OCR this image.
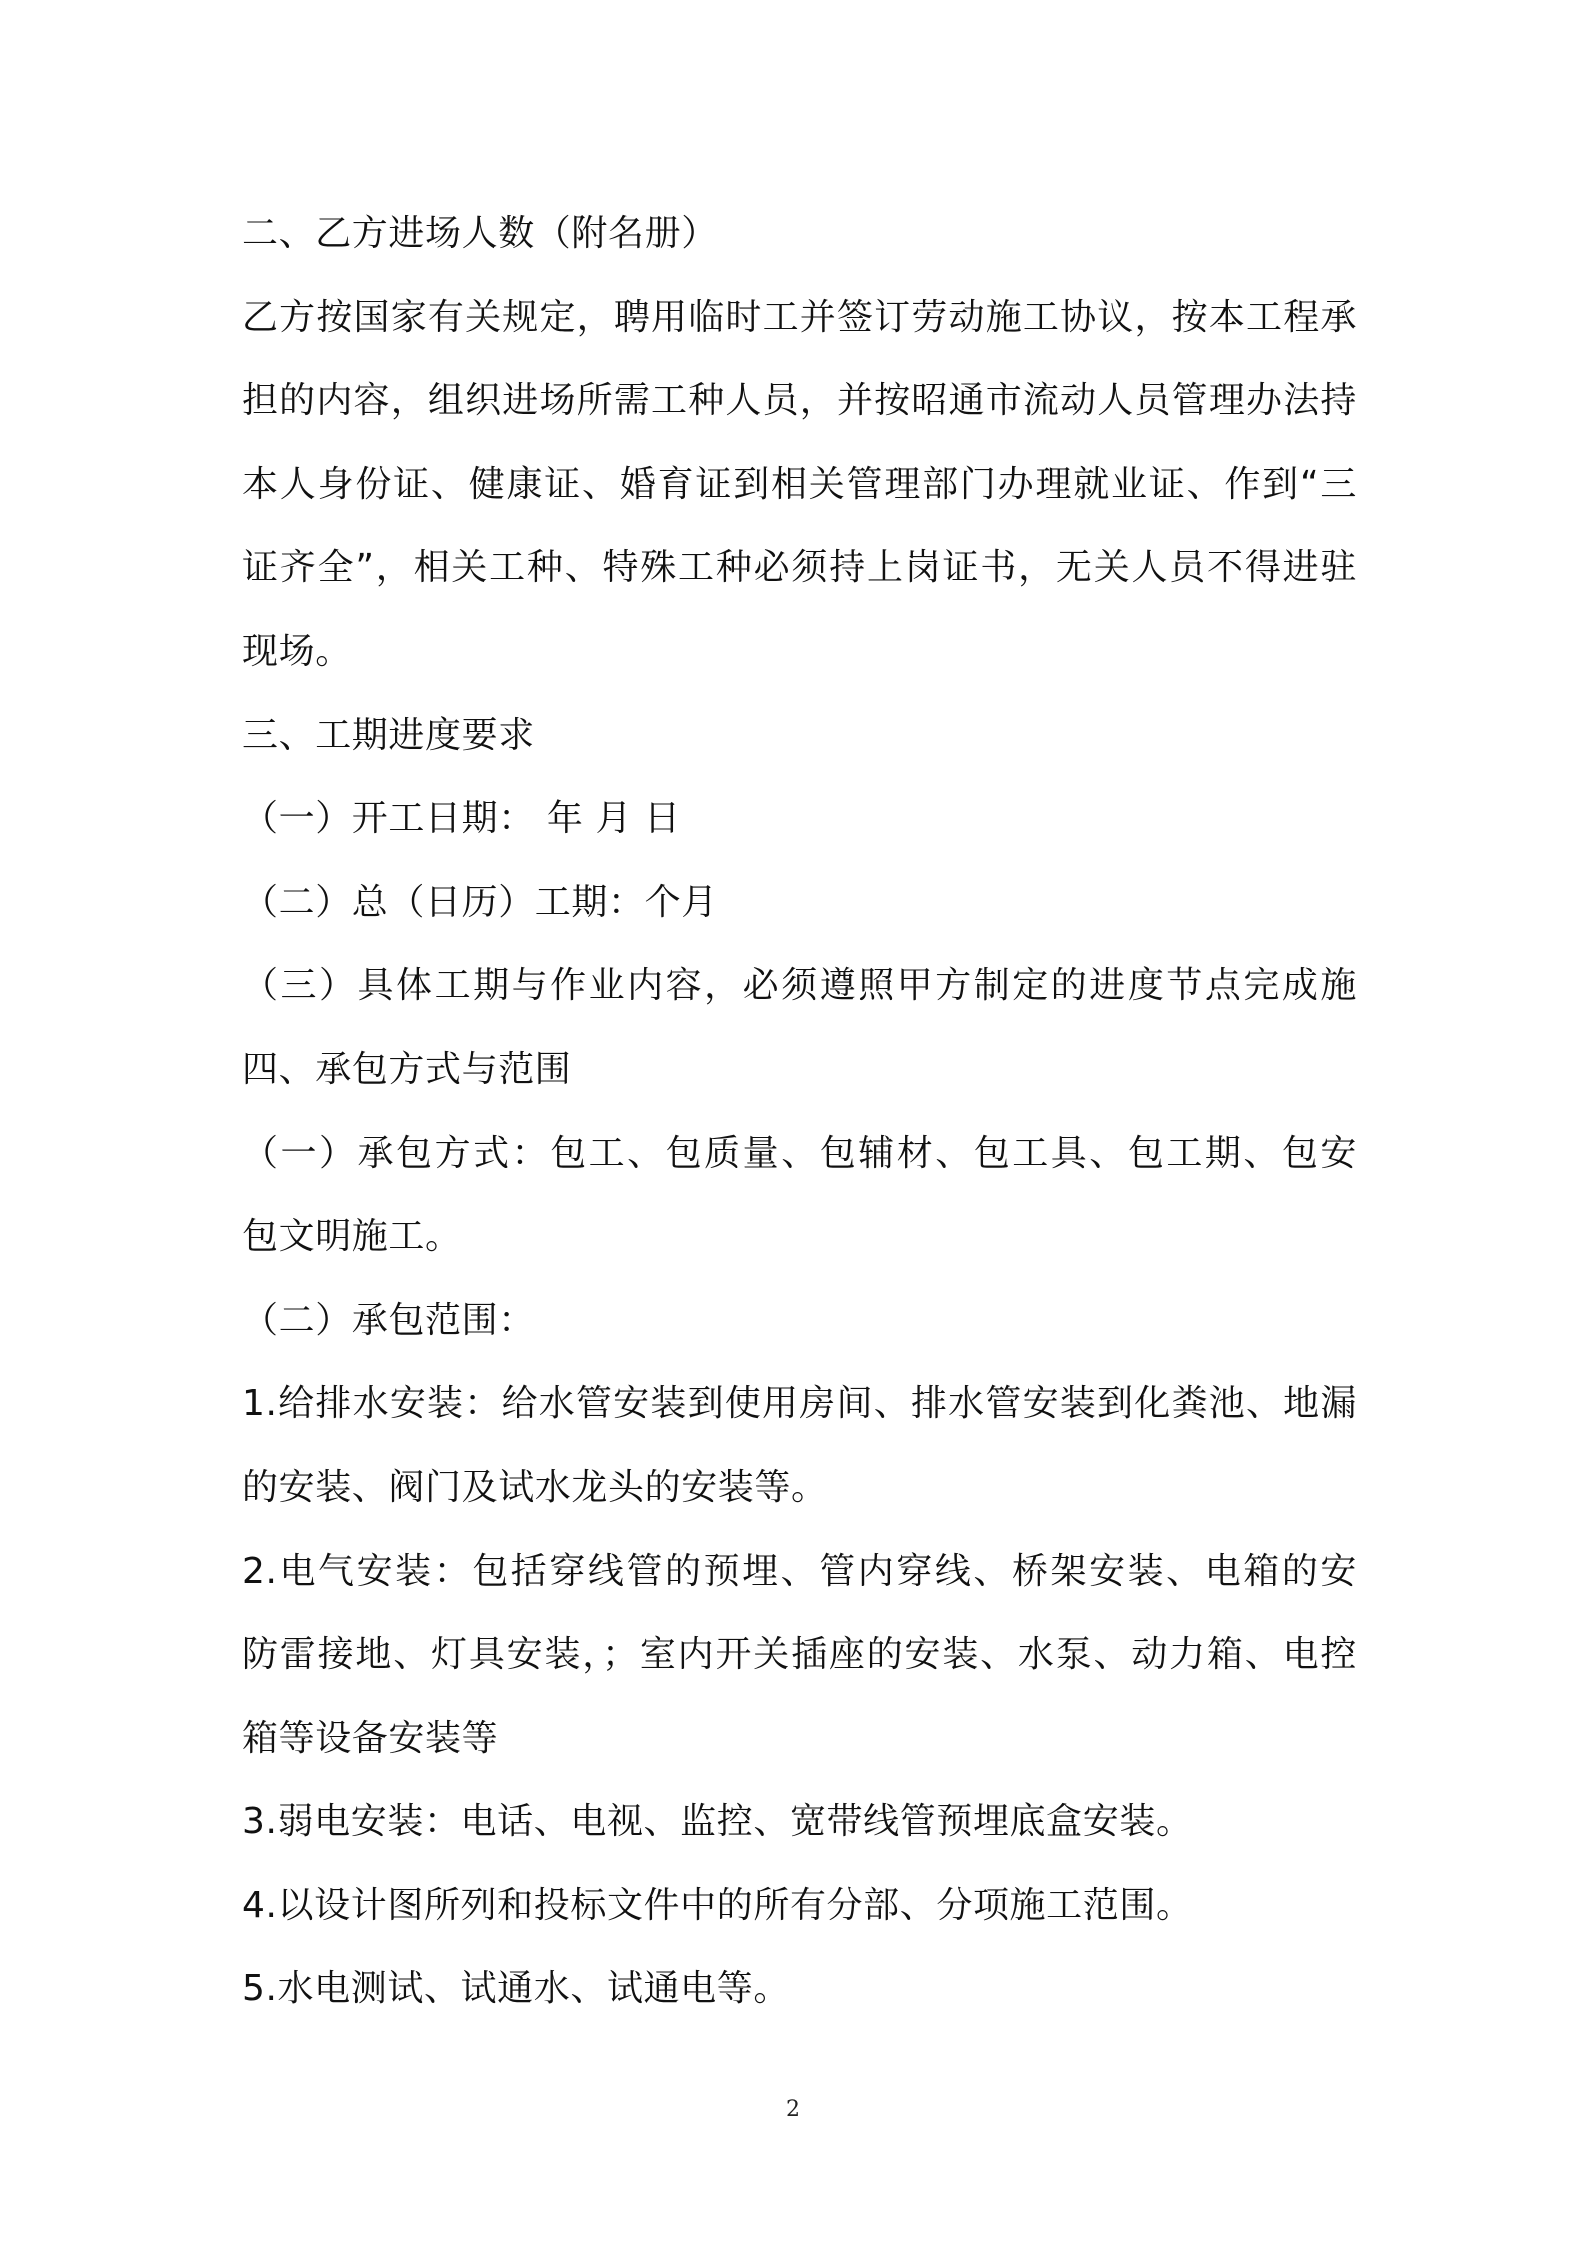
二、乙方进场人数（附名册）
乙方按国家有关规定，聘用临时工并签订劳动施工协议，按本工程承
担的内容，组织进场所需工种人员，并按昭通市流动人员管理办法持
本人身份证、健康证、婚育证到相关管理部门办理就业证、作到“三
证齐全”，相关工种、特殊工种必须持上岗证书，无关人员不得进驻
现场。
三、工期进度要求
（一）开工日期： 年 月 日
（二）总（日历）工期：个月
（三）具体工期与作业内容，必须遵照甲方制定的进度节点完成施
四、承包方式与范围
（一）承包方式：包工、包质量、包辅材、包工具、包工期、包安
包文明施工。
（二）承包范围：
1.给排水安装：给水管安装到使用房间、排水管安装到化粪池、地漏
的安装、阀门及试水龙头的安装等。
2.电气安装：包括穿线管的预埋、管内穿线、桥架安装、电箱的安
防雷接地、灯具安装，；室内开关插座的安装、水泵、动力箱、电控
箱等设备安装等
3.弱电安装：电话、电视、监控、宽带线管预埋底盒安装。
4.以设计图所列和投标文件中的所有分部、分项施工范围。
5.水电测试、试通水、试通电等。
2
